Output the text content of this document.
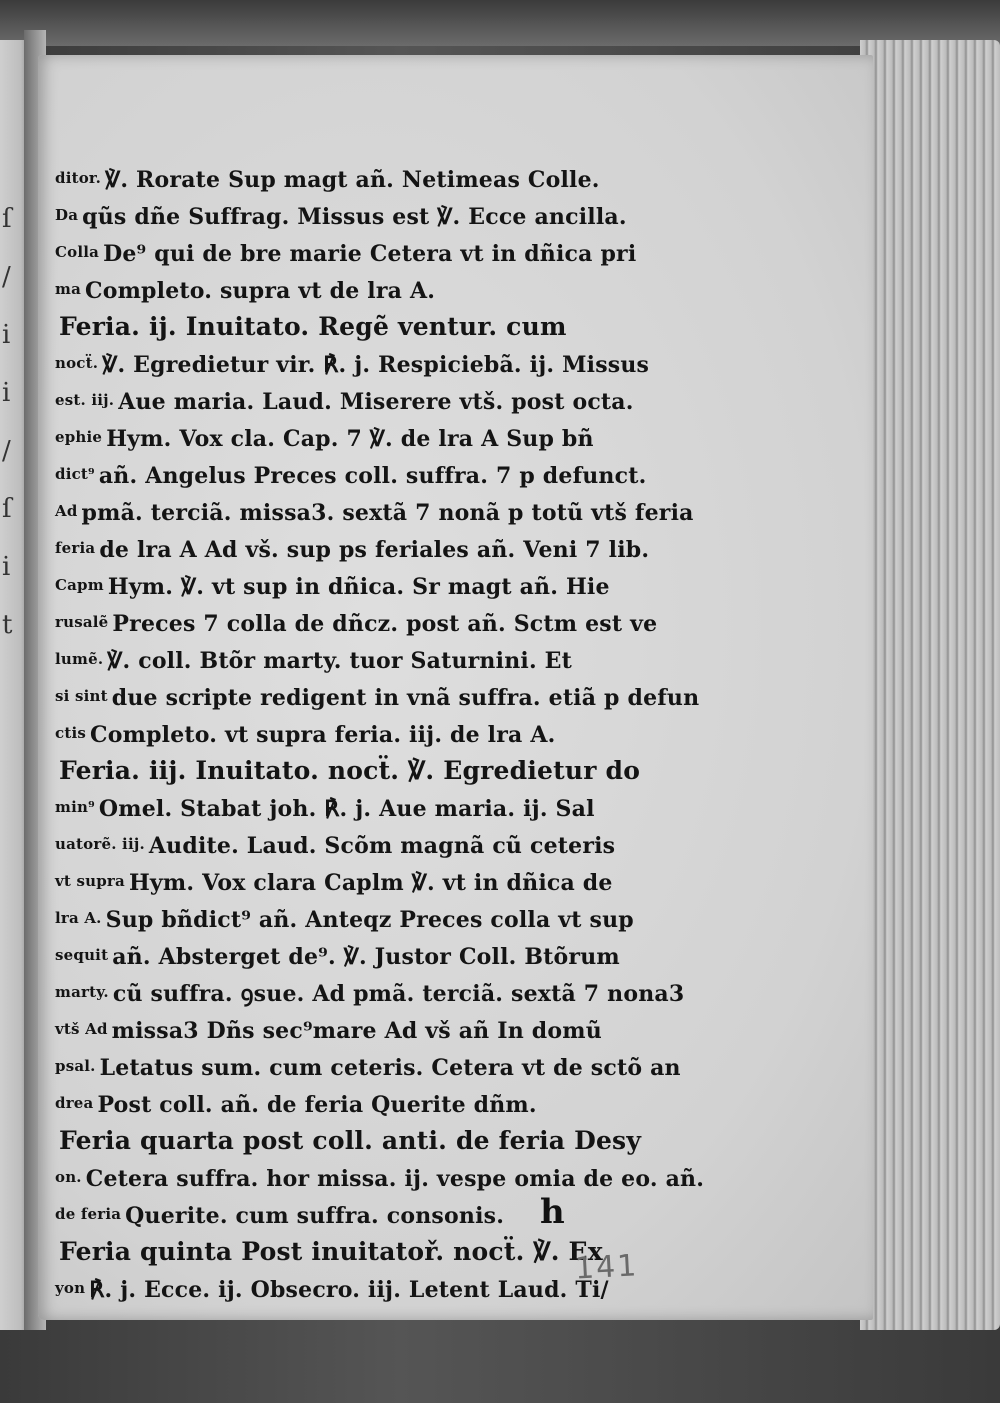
ſ
/
i
i
/
ſ
i
t
ditor. ℣. Rorate Sup magt añ. Netimeas Colle.
Da qũs dñe Suffrag. Missus est ℣. Ecce ancilla.
Colla De⁹ qui de bre marie Cetera vt in dñica pri
ma Completo. supra vt de lra A.
Feria. ij. Inuitato. Regẽ ventur. cum
nocẗ. ℣. Egredietur vir. ℟. j. Respiciebã. ij. Missus
est. iij. Aue maria. Laud. Miserere vtš. post octa.
ephie Hym. Vox cla. Cap. 7 ℣. de lra A Sup bñ
dict⁹ añ. Angelus Preces coll. suffra. 7 p defunct.
Ad pmã. terciã. missa3. sextã 7 nonã p totũ vtš feria
feria de lra A Ad vš. sup ps feriales añ. Veni 7 lib.
Capm Hym. ℣. vt sup in dñica. Sr magt añ. Hie
rusalẽ Preces 7 colla de dñcz. post añ. Sctm est ve
lumẽ. ℣. coll. Btõr marty. tuor Saturnini. Et
si sint due scripte redigent in vnã suffra. etiã p defun
ctis Completo. vt supra feria. iij. de lra A.
Feria. iij. Inuitato. nocẗ. ℣. Egredietur do
min⁹ Omel. Stabat joh. ℟. j. Aue maria. ij. Sal
uatorẽ. iij. Audite. Laud. Scõm magnã cũ ceteris
vt supra Hym. Vox clara Caplm ℣. vt in dñica de
lra A. Sup bñdict⁹ añ. Anteqz Preces colla vt sup
sequit añ. Absterget de⁹. ℣. Justor Coll. Btõrum
marty. cũ suffra. ꝯsue. Ad pmã. terciã. sextã 7 nona3
vtš Ad missa3 Dñs sec⁹mare Ad vš añ In domũ
psal. Letatus sum. cum ceteris. Cetera vt de sctõ an
drea Post coll. añ. de feria Querite dñm.
Feria quarta post coll. anti. de feria Desy
on. Cetera suffra. hor missa. ij. vespe omia de eo. añ.
de feria Querite. cum suffra. consonis.
Feria quinta Post inuitatoř. nocẗ. ℣. Ex
yon ℟. j. Ecce. ij. Obsecro. iij. Letent Laud. Ti/
h
141
